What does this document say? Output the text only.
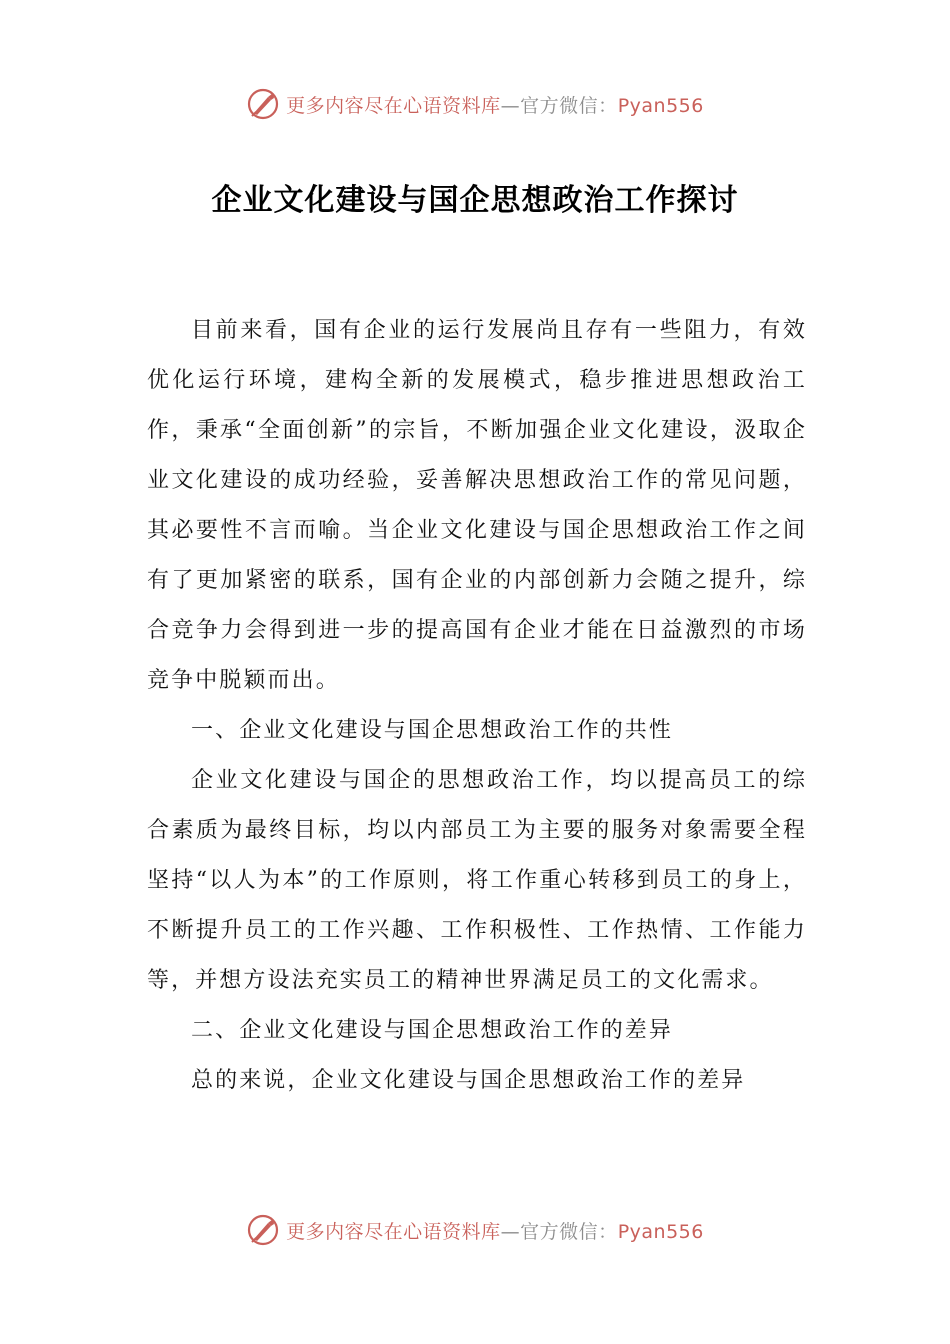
更多内容尽在心语资料库—官方微信：Pyan556
企业文化建设与国企思想政治工作探讨

目前来看，国有企业的运行发展尚且存有一些阻力，有效优化运行环境，建构全新的发展模式，稳步推进思想政治工作，秉承“全面创新”的宗旨，不断加强企业文化建设，汲取企业文化建设的成功经验，妥善解决思想政治工作的常见问题，其必要性不言而喻。当企业文化建设与国企思想政治工作之间有了更加紧密的联系，国有企业的内部创新力会随之提升，综合竞争力会得到进一步的提高国有企业才能在日益激烈的市场竞争中脱颖而出。

一、企业文化建设与国企思想政治工作的共性

企业文化建设与国企的思想政治工作，均以提高员工的综合素质为最终目标，均以内部员工为主要的服务对象需要全程坚持“以人为本”的工作原则，将工作重心转移到员工的身上，不断提升员工的工作兴趣、工作积极性、工作热情、工作能力等，并想方设法充实员工的精神世界满足员工的文化需求。

二、企业文化建设与国企思想政治工作的差异

总的来说，企业文化建设与国企思想政治工作的差异

更多内容尽在心语资料库—官方微信：Pyan556
